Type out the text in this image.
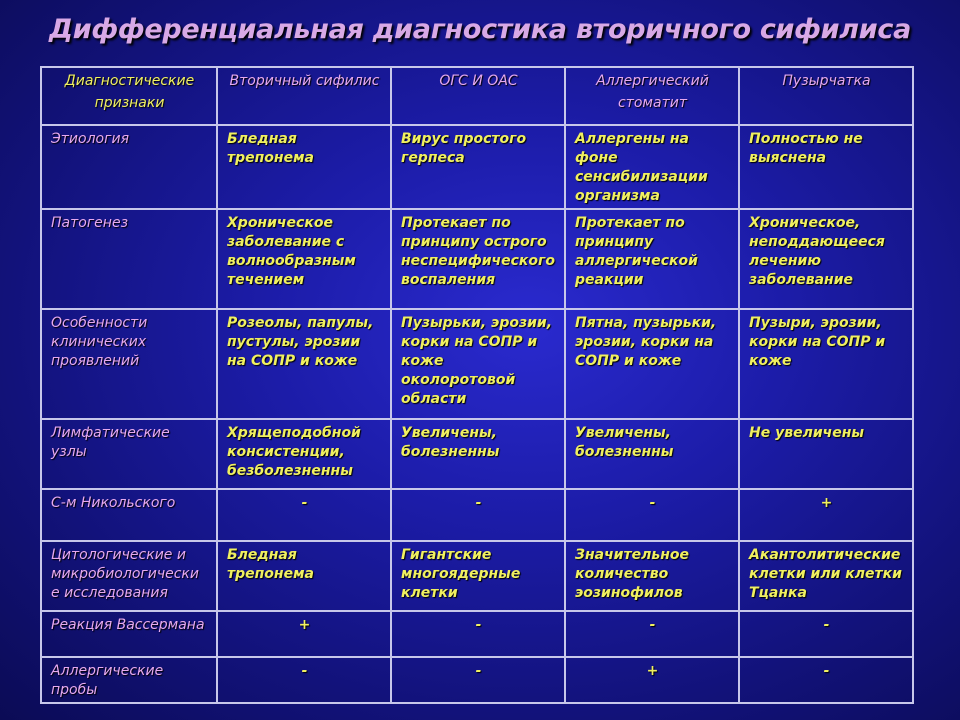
Дифференциальная диагностика вторичного сифилиса
Диагностические признаки	Вторичный сифилис	ОГС И ОАС	Аллергический стоматит	Пузырчатка

Этиология	Бледная трепонема	Вирус простого герпеса	Аллергены на фоне сенсибилизации организма	Полностью не выяснена
Патогенез	Хроническое заболевание с волнообразным течением	Протекает по принципу острого неспецифического воспаления	Протекает по принципу аллергической реакции	Хроническое, неподдающееся лечению заболевание
Особенности клинических проявлений	Розеолы, папулы, пустулы, эрозии на СОПР и коже	Пузырьки, эрозии, корки на СОПР и коже околоротовой области	Пятна, пузырьки, эрозии, корки на СОПР и коже	Пузыри, эрозии, корки на СОПР и коже
Лимфатические узлы	Хрящеподобной консистенции, безболезненны	Увеличены, болезненны	Увеличены, болезненны	Не увеличены
С-м Никольского	-	-	-	+
Цитологические и микробиологически е исследования	Бледная трепонема	Гигантские многоядерные клетки	Значительное количество эозинофилов	Акантолитические клетки или клетки Тцанка
Реакция Вассермана	+	-	-	-
Аллергические пробы	-	-	+	-
